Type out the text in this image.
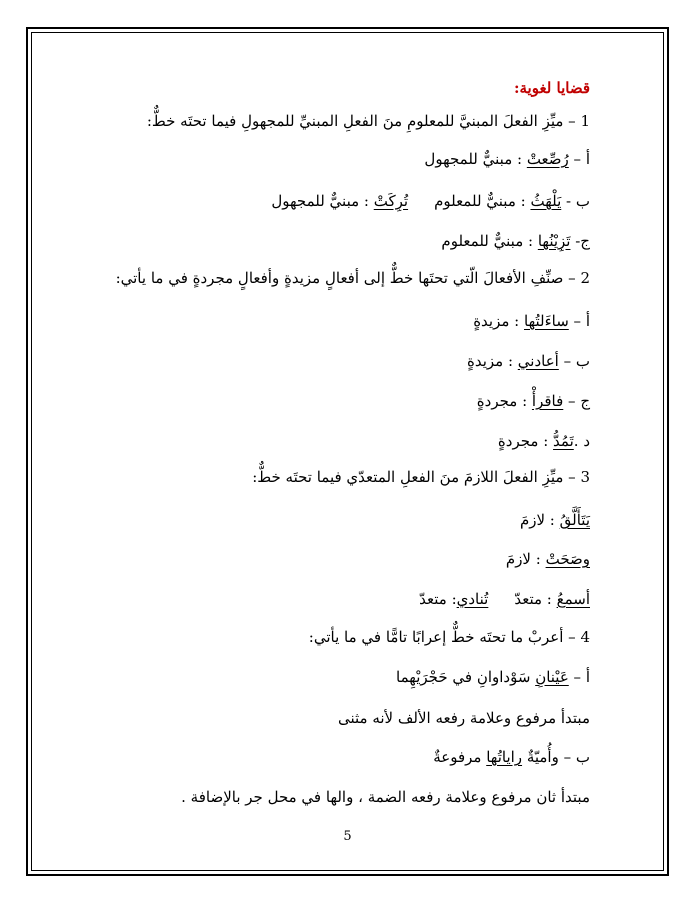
قضايا لغوية:
1 – ميِّزِ الفعلَ المبنيَّ للمعلومِ منَ الفعلِ المبنيِّ للمجهولِ فيما تحتَه خطٌّ:
أ – رُصِّعتْ : مبنيٌّ للمجهول
ب - يَلْهَثُ : مبنيٌّ للمعلومتُرِكَتْ : مبنيٌّ للمجهول
ج- تَزِيْنُها : مبنيٌّ للمعلوم
2 – صنِّفِ الأفعالَ الّتي تحتَها خطٌّ إلى أفعالٍ مزيدةٍ وأفعالٍ مجردةٍ في ما يأتي:
أ – ساءَلتُها : مزيدةٍ
ب – أعادني : مزيدةٍ
ج – فاقرأْ : مجردةٍ
د .تَمُدُّ : مجردةٍ
3 – ميِّزِ الفعلَ اللازمَ منَ الفعلِ المتعدّي فيما تحتَه خطٌّ:
يَتَأَلَّقُ : لازمَ
وصَحَتْ : لازمَ
أسمعُ : متعدّتُنادي: متعدّ
4 – أعربْ ما تحتَه خطٌّ إعرابًا تامًّا في ما يأتي:
أ – عَيْنانِ سَوْداوانِ في حَجْرَيْهِما
مبتدأ مرفوع وعلامة رفعه الألف لأنه مثنى
ب – وأُميّةٌ راياتُها مرفوعةٌ
مبتدأ ثان مرفوع وعلامة رفعه الضمة ، والها في محل جر بالإضافة .
5
